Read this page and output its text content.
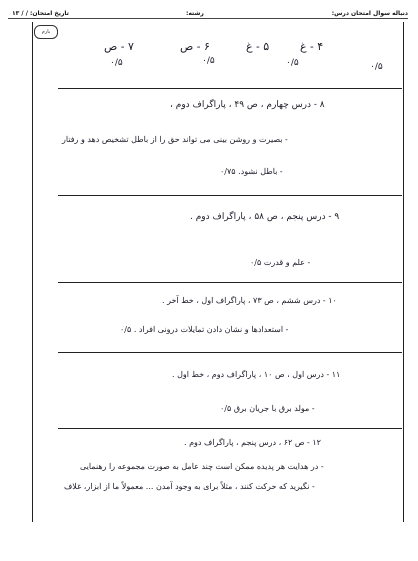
دنباله سوال امتحان درس:
رشته:
تاریخ امتحان: / / ۱۳
بارم
۴ - غ
۵ - غ
۶ - ص
۷ - ص
۰/۵
۰/۵
۰/۵
۰/۵
۸ - درس چهارم ، ص ۴۹ ، پاراگراف دوم ،
- بصیرت و روشن بینی می تواند حق را از باطل تشخیص دهد و رفتار
- باطل نشود. ۰/۷۵
۹ - درس پنجم ، ص ۵۸ ، پاراگراف دوم .
- علم و قدرت ۰/۵
۱۰ - درس ششم ، ص ۷۳ ، پاراگراف اول ، خط آخر .
- استعدادها و نشان دادن تمایلات درونی افراد . ۰/۵
۱۱ - درس اول ، ص ۱۰ ، پاراگراف دوم ، خط اول .
- مولد برق با جریان برق ۰/۵
۱۲ - ص ۶۲ ، درس پنجم ، پاراگراف دوم .
- در هدایت هر پدیده ممکن است چند عامل به صورت مجموعه را رهنمایی
- نگیرید که حرکت کنند ، مثلاً برای به وجود آمدن ... معمولاً ما از ابزار، غلاف
